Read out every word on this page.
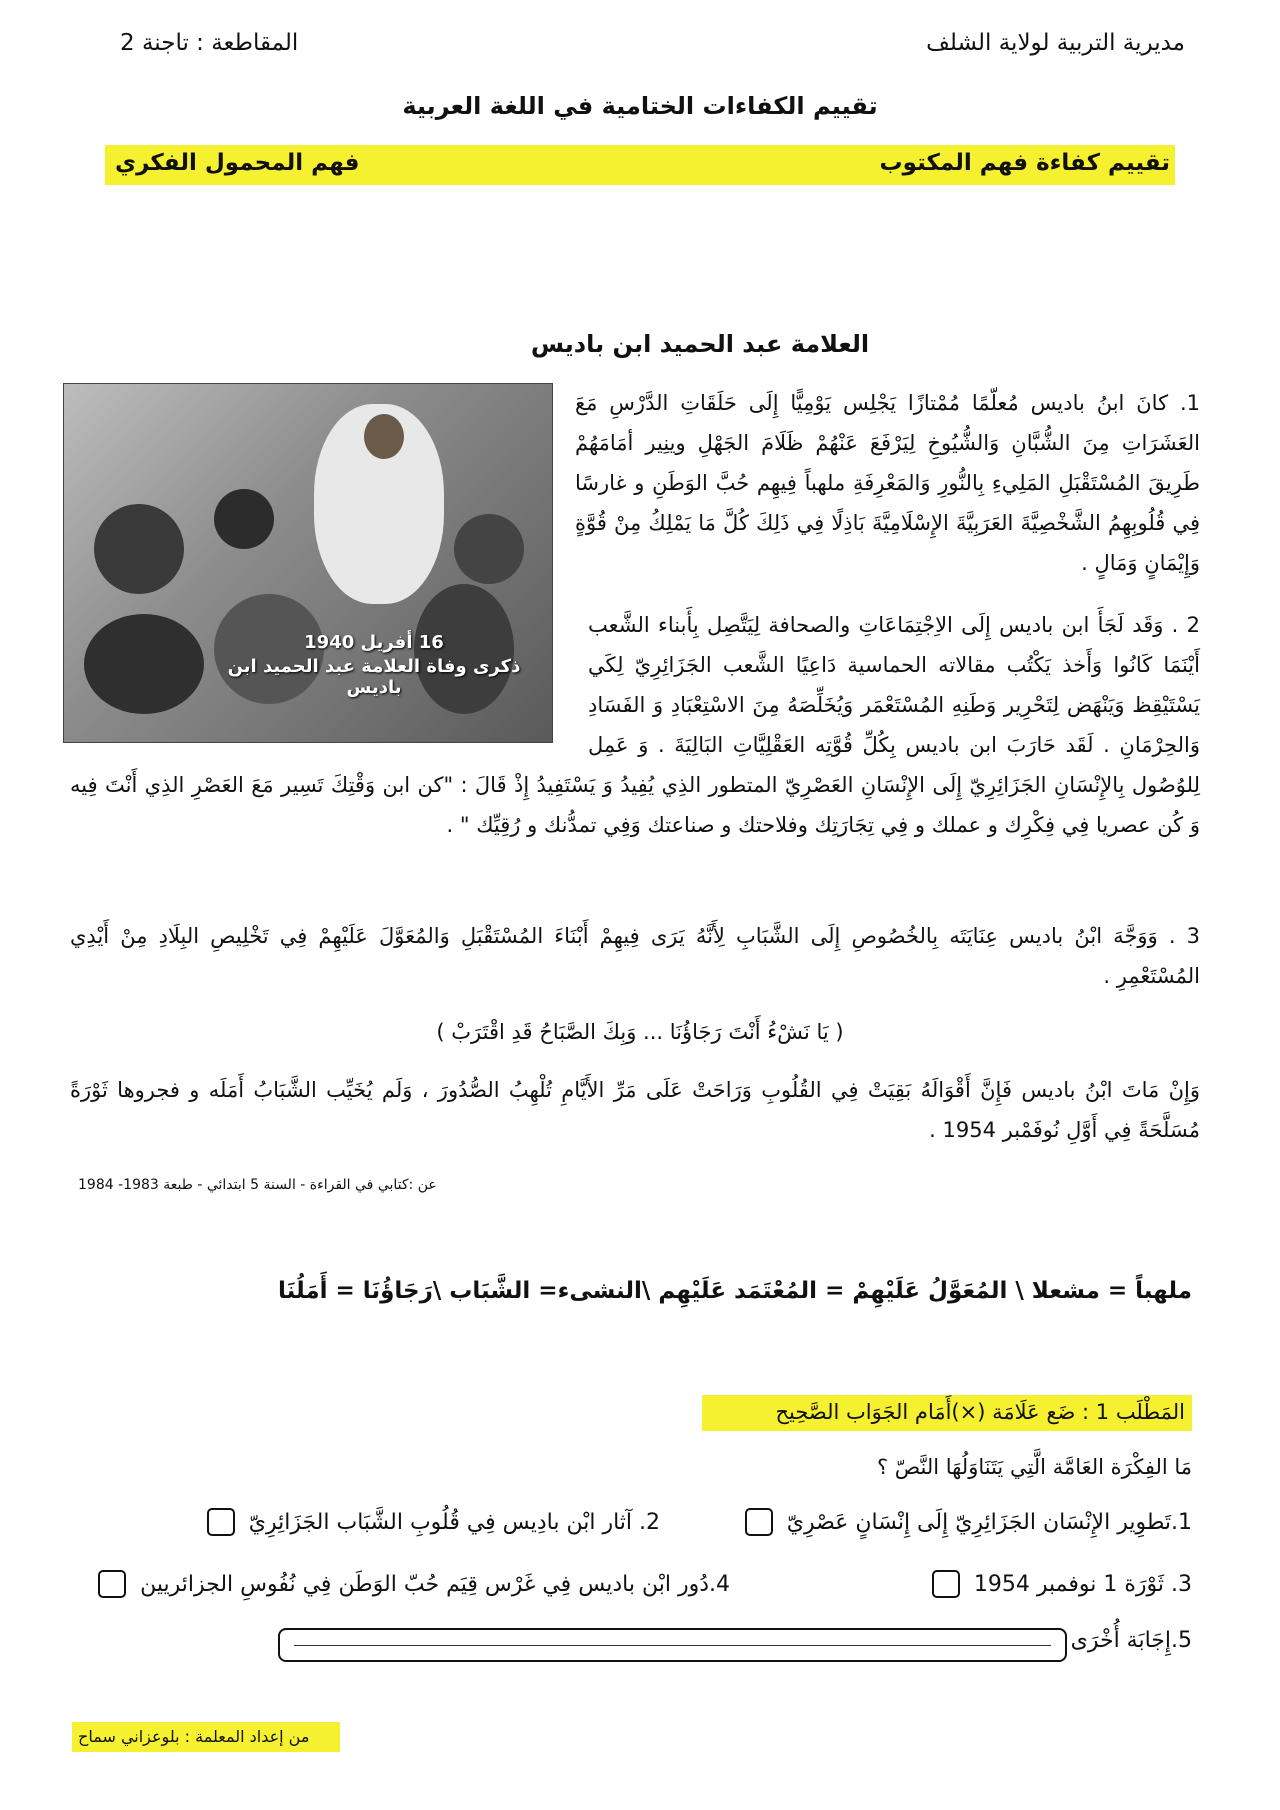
مديرية التربية لولاية الشلف
المقاطعة : تاجنة 2
تقييم الكفاءات الختامية في اللغة العربية
تقييم كفاءة فهم المكتوب
فهم المحمول الفكري
العلامة عبد الحميد ابن باديس
16 أفريل 1940
ذكرى وفاة العلامة عبد الحميد ابن باديس
1. كانَ ابنُ باديس مُعلّمًا مُمْتازًا يَجْلِس يَوْمِيًّا إِلَى حَلَقَاتِ الدَّرْسِ مَعَ العَشَرَاتِ مِنَ الشُّبَّانِ وَالشُّيُوخِ لِيَرْفَعَ عَنْهُمْ ظَلَامَ الجَهْلِ وينِير أمَامَهُمْ طَرِيقَ المُسْتَقْبَلِ المَلِيءِ بِالنُّورِ وَالمَعْرِفَةِ ملهباً فِيهِم حُبَّ الوَطَنِ و غارسًا فِي قُلُوبِهِمُ الشَّخْصِيَّةَ العَرَبِيَّةَ الإِسْلَامِيَّةَ بَاذِلًا فِي ذَلِكَ كُلَّ مَا يَمْلِكُ مِنْ قُوَّةٍ وَإِيْمَانٍ وَمَالٍ .
2 . وَقَد لَجَأَ ابن باديس إِلَى الاِجْتِمَاعَاتِ والصحافة لِيَتَّصِل بِأَبناء الشَّعب أَيْنَمَا كَانُوا وَأَخذ يَكْتُب مقالاته الحماسية دَاعِيًا الشَّعب الجَزَائِرِيّ لِكَي يَسْتَيْقِظ وَيَنْهَض لِتَحْرِير وَطَنِهِ المُسْتَعْمَر وَيُخَلِّصَهُ مِنَ الاسْتِعْبَادِ وَ الفَسَادِ وَالحِرْمَانِ . لَقَد حَارَبَ ابن باديس بِكُلِّ قُوَّتِه العَقْلِيَّاتِ البَالِيَةَ . وَ عَمِل لِلوُصُول بِالإِنْسَانِ الجَزَائِرِيّ إِلَى الإِنْسَانِ العَصْرِيّ المتطور الذِي يُفِيدُ وَ يَسْتَفِيدُ إِذْ قَالَ : "كن ابن وَقْتِكَ تَسِير مَعَ العَصْرِ الذِي أَنْتَ فِيه وَ كُن عصريا فِي فِكْرِك و عملك و فِي تِجَارَتِك وفلاحتك و صناعتك وَفِي تمدُّنك و رُقِيِّك " .
3 . وَوَجَّهَ ابْنُ باديس عِنَايَتَه بِالخُصُوصِ إِلَى الشَّبَابِ لِأَنَّهُ يَرَى فِيهِمْ أَبْنَاءَ المُسْتَقْبَلِ وَالمُعَوَّلَ عَلَيْهِمْ فِي تَخْلِيصِ البِلَادِ مِنْ أَيْدِي المُسْتَعْمِرِ .
( يَا نَشْءُ أَنْتَ رَجَاؤُنَا ... وَبِكَ الصَّبَاحُ قَدِ اقْتَرَبْ )
وَإِنْ مَاتَ ابْنُ باديس فَإِنَّ أَقْوَالَهُ بَقِيَتْ فِي القُلُوبِ وَرَاحَتْ عَلَى مَرِّ الأَيَّامِ تُلْهِبُ الصُّدُورَ ، وَلَم يُخَيِّب الشَّبَابُ أَمَلَه و فجروها ثَوْرَةً مُسَلَّحَةً فِي أَوَّلِ نُوفَمْبر 1954 .
عن :كتابي في القراءة - السنة 5 ابتدائي - طبعة 1983- 1984
ملهباً = مشعلا \ المُعَوَّلُ عَلَيْهِمْ = المُعْتَمَد عَلَيْهِم \النشىء= الشَّبَاب \رَجَاؤُنَا = أَمَلُنَا
المَطْلَب 1 : ضَع عَلَامَة (×)أَمَام الجَوَاب الصَّحِيح
مَا الفِكْرَة العَامَّة الَّتِي يَتَنَاوَلُهَا النَّصّ ؟
1.تَطوِير الإِنْسَان الجَزَائِرِيّ إِلَى إِنْسَانٍ عَصْرِيّ
2. آثار ابْن بادِيس فِي قُلُوبِ الشَّبَاب الجَزَائِرِيّ
3. ثَوْرَة 1 نوفمبر 1954
4.دُور ابْن باديس فِي غَرْس قِيَم حُبّ الوَطَن فِي نُفُوسِ الجزائريين
5.إِجَابَة أُخْرَى
من إعداد المعلمة : بلوعزاني سماح
